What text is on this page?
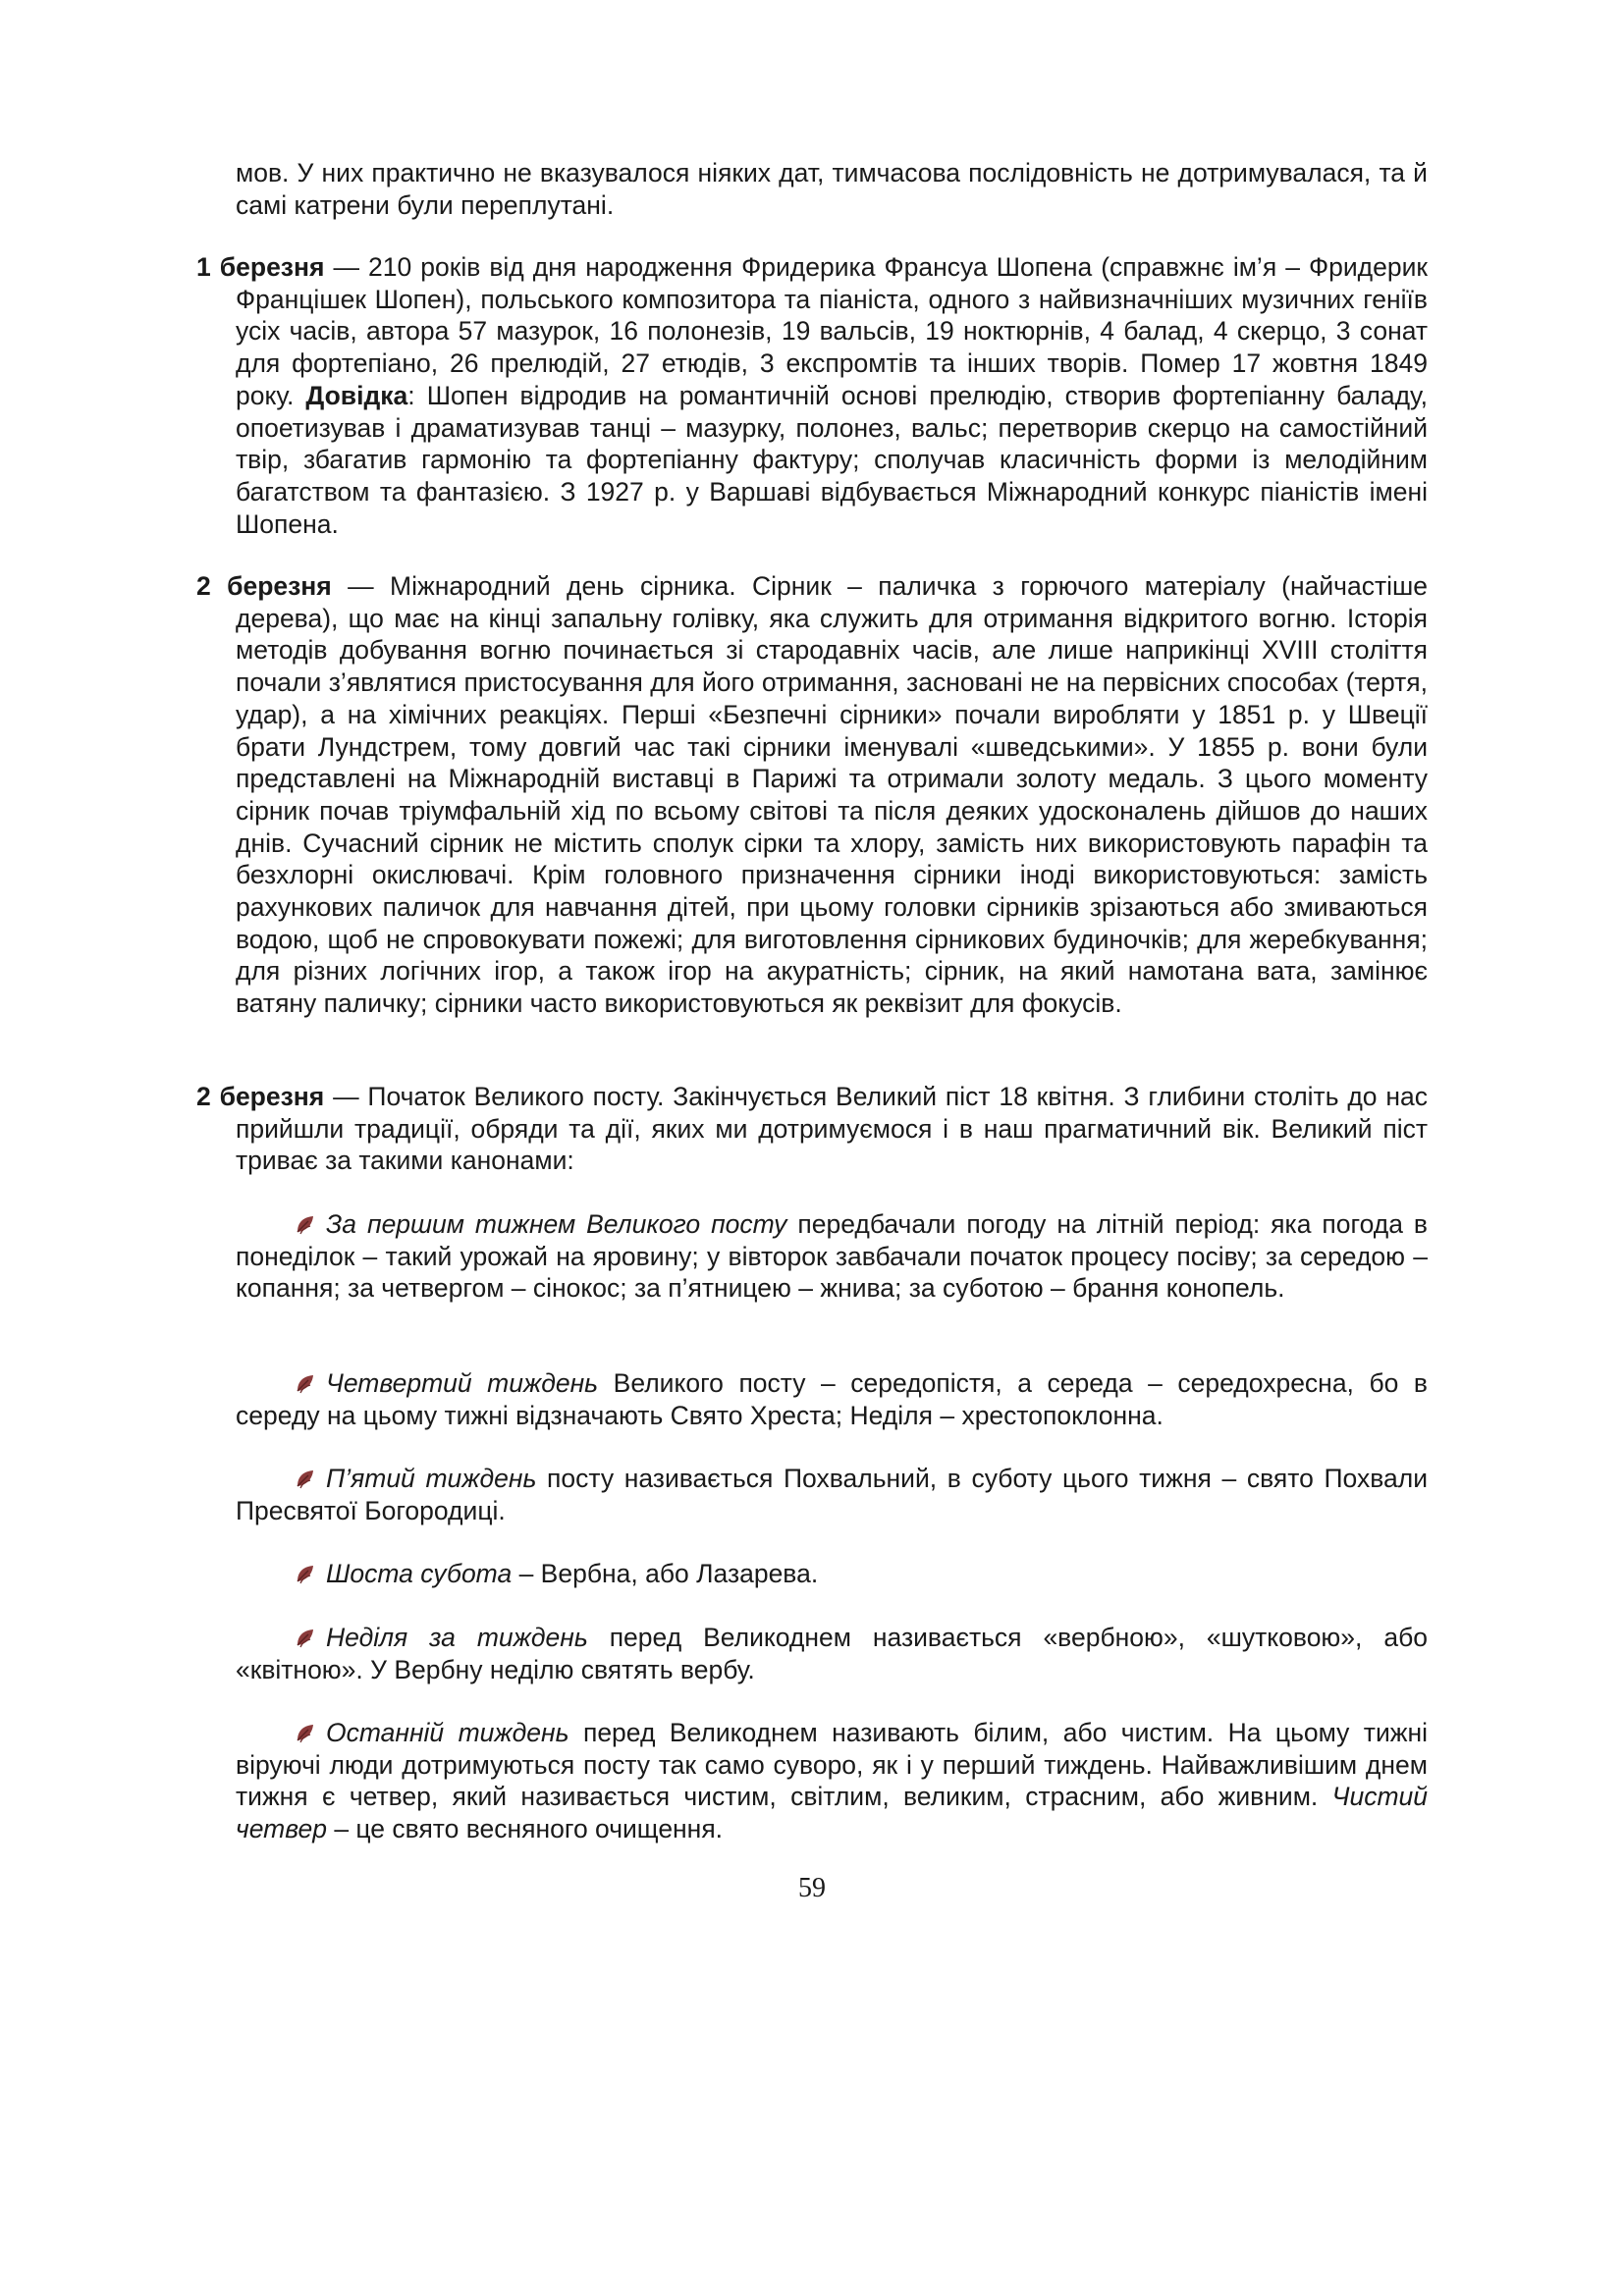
мов. У них практично не вказувалося ніяких дат, тимчасова послідовність не дотримувалася, та й самі катрени були переплутані.

1 березня — 210 років від дня народження Фридерика Франсуа Шопена (справжнє ім’я – Фридерик Францішек Шопен), польського композитора та піаніста, одного з найвизначніших музичних геніїв усіх часів, автора 57 мазурок, 16 полонезів, 19 вальсів, 19 ноктюрнів, 4 балад, 4 скерцо, 3 сонат для фортепіано, 26 прелюдій, 27 етюдів, 3 експромтів та інших творів. Помер 17 жовтня 1849 року. Довідка: Шопен відродив на романтичній основі прелюдію, створив фортепіанну баладу, опоетизував і драматизував танці – мазурку, полонез, вальс; перетворив скерцо на самостійний твір, збагатив гармонію та фортепіанну фактуру; сполучав класичність форми із мелодійним багатством та фантазією. З 1927 р. у Варшаві відбувається Міжнародний конкурс піаністів імені Шопена.

2 березня — Міжнародний день сірника. Сірник – паличка з горючого матеріалу (найчастіше дерева), що має на кінці запальну голівку, яка служить для отримання відкритого вогню. Історія методів добування вогню починається зі стародавніх часів, але лише наприкінці XVIII століття почали з’являтися пристосування для його отримання, засновані не на первісних способах (тертя, удар), а на хімічних реакціях. Перші «Безпечні сірники» почали виробляти у 1851 р. у Швеції брати Лундстрем, тому довгий час такі сірники іменувалі «шведськими». У 1855 р. вони були представлені на Міжнародній виставці в Парижі та отримали золоту медаль. З цього моменту сірник почав тріумфальній хід по всьому світові та після деяких удосконалень дійшов до наших днів. Сучасний сірник не містить сполук сірки та хлору, замість них використовують парафін та безхлорні окислювачі. Крім головного призначення сірники іноді використовуються: замість рахункових паличок для навчання дітей, при цьому головки сірників зрізаються або змиваються водою, щоб не спровокувати пожежі; для виготовлення сірникових будиночків; для жеребкування; для різних логічних ігор, а також ігор на акуратність; сірник, на який намотана вата, замінює ватяну паличку; сірники часто використовуються як реквізит для фокусів.

2 березня — Початок Великого посту. Закінчується Великий піст 18 квітня. З глибини століть до нас прийшли традиції, обряди та дії, яких ми дотримуємося і в наш прагматичний вік. Великий піст триває за такими канонами:

За першим тижнем Великого посту передбачали погоду на літній період: яка погода в понеділок – такий урожай на яровину; у вівторок завбачали початок процесу посіву; за середою – копання; за четвергом – сінокос; за п’ятницею – жнива; за суботою – брання конопель.

Четвертий тиждень Великого посту – середопістя, а середа – середохресна, бо в середу на цьому тижні відзначають Свято Хреста; Неділя – хрестопоклонна.

П’ятий тиждень посту називається Похвальний, в суботу цього тижня – свято Похвали Пресвятої Богородиці.

Шоста субота – Вербна, або Лазарева.

Неділя за тиждень перед Великоднем називається «вербною», «шутковою», або «квітною». У Вербну неділю святять вербу.

Останній тиждень перед Великоднем називають білим, або чистим. На цьому тижні віруючі люди дотримуються посту так само суворо, як і у перший тиждень. Найважливішим днем тижня є четвер, який називається чистим, світлим, великим, страсним, або живним. Чистий четвер – це свято весняного очищення.

59
